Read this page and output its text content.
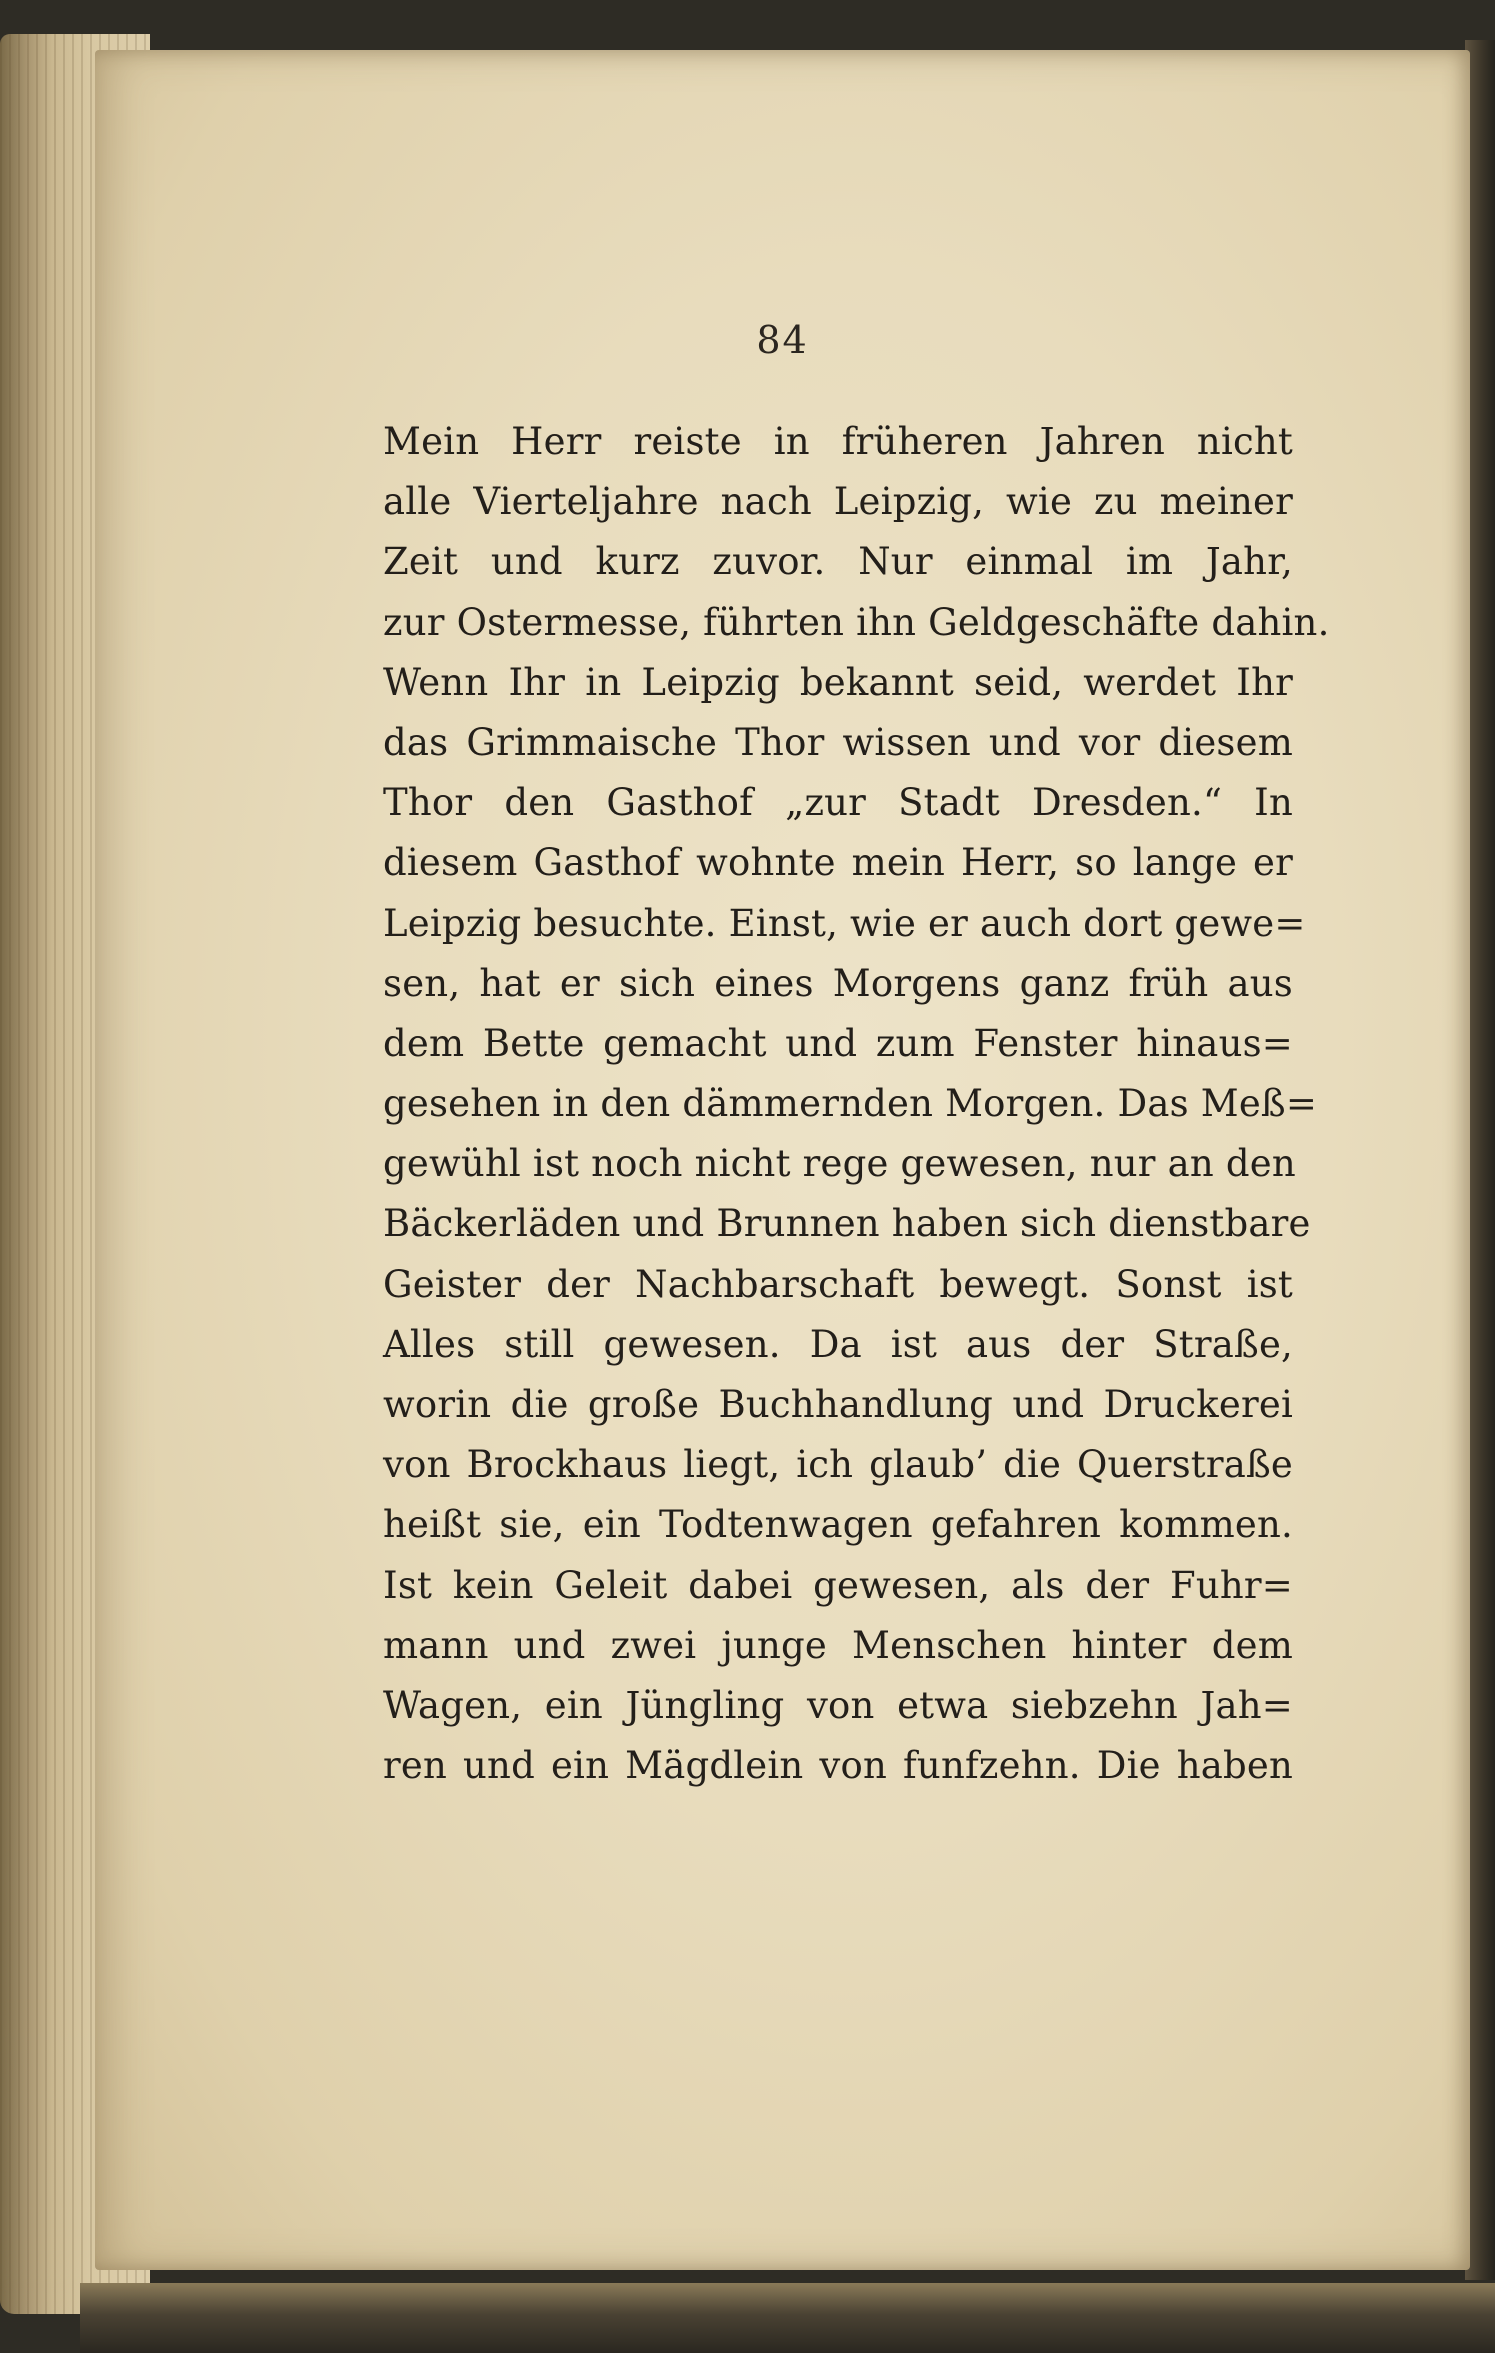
84
Mein Herr reiste in früheren Jahren nicht
alle Vierteljahre nach Leipzig, wie zu meiner
Zeit und kurz zuvor. Nur einmal im Jahr,
zur Ostermesse, führten ihn Geldgeschäfte dahin.
Wenn Ihr in Leipzig bekannt seid, werdet Ihr
das Grimmaische Thor wissen und vor diesem
Thor den Gasthof „zur Stadt Dresden.“ In
diesem Gasthof wohnte mein Herr, so lange er
Leipzig besuchte. Einst, wie er auch dort gewe=
sen, hat er sich eines Morgens ganz früh aus
dem Bette gemacht und zum Fenster hinaus=
gesehen in den dämmernden Morgen. Das Meß=
gewühl ist noch nicht rege gewesen, nur an den
Bäckerläden und Brunnen haben sich dienstbare
Geister der Nachbarschaft bewegt. Sonst ist
Alles still gewesen. Da ist aus der Straße,
worin die große Buchhandlung und Druckerei
von Brockhaus liegt, ich glaub’ die Querstraße
heißt sie, ein Todtenwagen gefahren kommen.
Ist kein Geleit dabei gewesen, als der Fuhr=
mann und zwei junge Menschen hinter dem
Wagen, ein Jüngling von etwa siebzehn Jah=
ren und ein Mägdlein von funfzehn. Die haben
